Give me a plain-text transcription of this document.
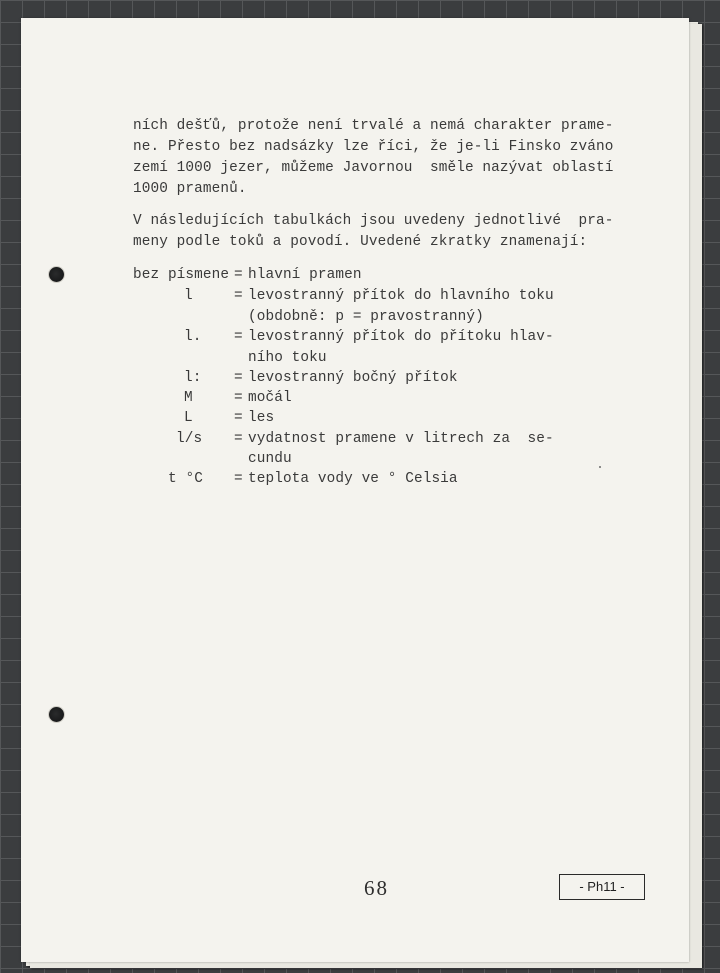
ních dešťů, protože není trvalé a nemá charakter prame-
ne. Přesto bez nadsázky lze říci, že je-li Finsko zváno
zemí 1000 jezer, můžeme Javornou  směle nazývat oblastí
1000 pramenů.
V následujících tabulkách jsou uvedeny jednotlivé  pra-
meny podle toků a povodí. Uvedené zkratky znamenají:
bez písmene = hlavní pramen
l	= levostranný přítok do hlavního toku
(obdobně: p = pravostranný)
l. = levostranný přítok do přítoku hlav-
ního toku
l: = levostranný bočný přítok
M	= močál
L	= les
l/s = vydatnost pramene v litrech za  se-
cundu
t °C = teplota vody ve ° Celsia
68	- Ph11 -
